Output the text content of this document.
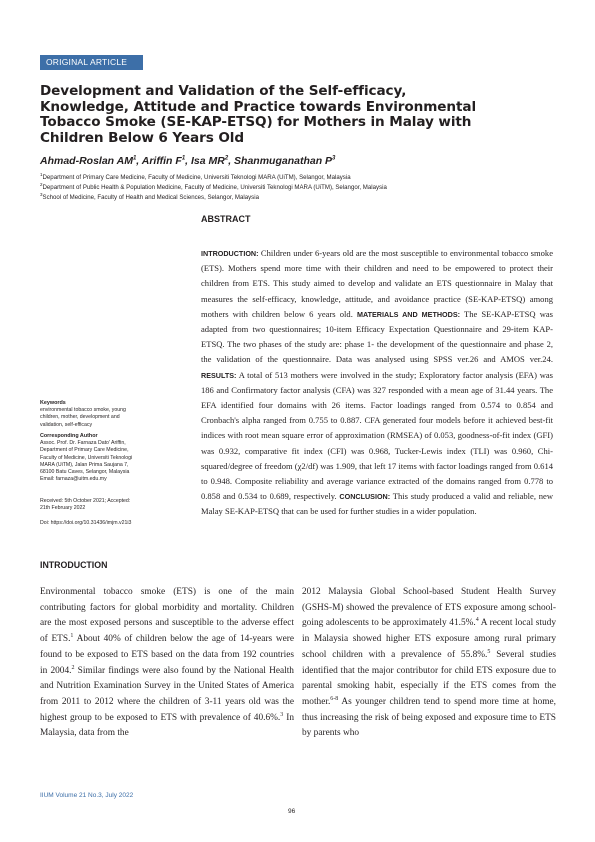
ORIGINAL ARTICLE
Development and Validation of the Self-efficacy,
Knowledge, Attitude and Practice towards Environmental
Tobacco Smoke (SE-KAP-ETSQ) for Mothers in Malay with
Children Below 6 Years Old
Ahmad-Roslan $AM^1$, Ariffin $F^1$, Isa $MR^2$, Shanmuganathan $P^3$
$^1$Department of Primary Care Medicine, Faculty of Medicine, Universiti Teknologi MARA (UiTM), Selangor, Malaysia
$^2$Department of Public Health & Population Medicine, Faculty of Medicine, Universiti Teknologi MARA (UiTM), Selangor, Malaysia
$^3$School of Medicine, Faculty of Health and Medical Sciences, Selangor, Malaysia
ABSTRACT

INTRODUCTION: Children under 6-years old are the most susceptible to environmental tobacco smoke (ETS). Mothers spend more time with their children and need to be empowered to protect their children from ETS. This study aimed to develop and validate an ETS questionnaire in Malay that measures the self-efficacy, knowledge, attitude, and avoidance practice (SE-KAP-ETSQ) among mothers with children below 6 years old. MATERIALS AND METHODS: The SE-KAP-ETSQ was adapted from two questionnaires; 10-item Efficacy Expectation Questionnaire and 29-item KAP-ETSQ. The two phases of the study are: phase 1- the development of the questionnaire and phase 2, the validation of the questionnaire. Data was analysed using SPSS ver.26 and AMOS ver.24. RESULTS: A total of 513 mothers were involved in the study; Exploratory factor analysis (EFA) was 186 and Confirmatory factor analysis (CFA) was 327 responded with a mean age of 31.44 years. The EFA identified four domains with 26 items. Factor loadings ranged from 0.574 to 0.854 and Cronbach's alpha ranged from 0.755 to 0.887. CFA generated four models before it achieved best-fit indices with root mean square error of approximation (RMSEA) of 0.053, goodness-of-fit index (GFI) was 0.932, comparative fit index (CFI) was 0.968, Tucker-Lewis index (TLI) was 0.960, Chi-squared/degree of freedom (χ2/df) was 1.909, that left 17 items with factor loadings ranged from 0.614 to 0.948. Composite reliability and average variance extracted of the domains ranged from 0.778 to 0.858 and 0.534 to 0.689, respectively. CONCLUSION: This study produced a valid and reliable, new Malay SE-KAP-ETSQ that can be used for further studies in a wider population.

Keywords
environmental tobacco smoke, young
children, mother, development and
validation, self-efficacy
Corresponding Author
Assoc. Prof. Dr. Farnaza Dato' Ariffin,
Department of Primary Care Medicine,
Faculty of Medicine, Universiti Teknologi
MARA (UiTM), Jalan Prima Saujana 7,
68100 Batu Caves, Selangor, Malaysia
Email: farnaza@uitm.edu.my
Received: 5th October 2021; Accepted:
21th February 2022
Doi: https://doi.org/10.31436/imjm.v21i3
INTRODUCTION

Environmental tobacco smoke (ETS) is one of the main contributing factors for global morbidity and mortality. Children are the most exposed persons and susceptible to the adverse effect of ETS.$^1$ About 40% of children below the age of 14-years were found to be exposed to ETS based on the data from 192 countries in 2004.$^2$ Similar findings were also found by the National Health and Nutrition Examination Survey in the United States of America from 2011 to 2012 where the children of 3-11 years old was the highest group to be exposed to ETS with prevalence of 40.6%.$^3$ In Malaysia, data from the

2012 Malaysia Global School-based Student Health Survey (GSHS-M) showed the prevalence of ETS exposure among school-going adolescents to be approximately 41.5%.$^4$ A recent local study in Malaysia showed higher ETS exposure among rural primary school children with a prevalence of 55.8%.$^5$ Several studies identified that the major contributor for child ETS exposure due to parental smoking habit, especially if the ETS comes from the mother.$^{6-8}$ As younger children tend to spend more time at home, thus increasing the risk of being exposed and exposure time to ETS by parents who

IIUM Volume 21 No.3, July 2022
96
